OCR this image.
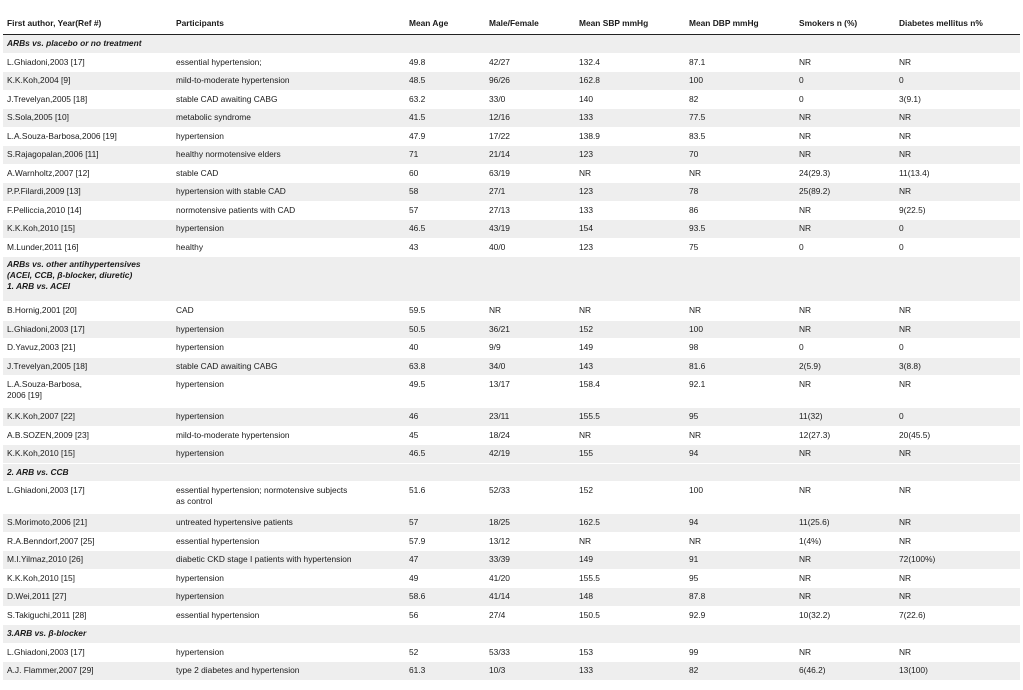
First author, Year(Ref #)	Participants	Mean Age	Male/Female	Mean SBP mmHg	Mean DBP mmHg	Smokers n (%)	Diabetes mellitus n%
ARBs vs. placebo or no treatment							
L.Ghiadoni,2003 [17]	essential hypertension;	49.8	42/27	132.4	87.1	NR	NR
K.K.Koh,2004 [9]	mild-to-moderate hypertension	48.5	96/26	162.8	100	0	0
J.Trevelyan,2005 [18]	stable CAD awaiting CABG	63.2	33/0	140	82	0	3(9.1)
S.Sola,2005 [10]	metabolic syndrome	41.5	12/16	133	77.5	NR	NR
L.A.Souza-Barbosa,2006 [19]	hypertension	47.9	17/22	138.9	83.5	NR	NR
S.Rajagopalan,2006 [11]	healthy normotensive elders	71	21/14	123	70	NR	NR
A.Warnholtz,2007 [12]	stable CAD	60	63/19	NR	NR	24(29.3)	11(13.4)
P.P.Filardi,2009 [13]	hypertension with stable CAD	58	27/1	123	78	25(89.2)	NR
F.Pelliccia,2010 [14]	normotensive patients with CAD	57	27/13	133	86	NR	9(22.5)
K.K.Koh,2010 [15]	hypertension	46.5	43/19	154	93.5	NR	0
M.Lunder,2011 [16]	healthy	43	40/0	123	75	0	0

ARBs vs. other antihypertensives
(ACEI, CCB, β-blocker, diuretic)
1. ARB vs. ACEI							

B.Hornig,2001 [20]	CAD	59.5	NR	NR	NR	NR	NR
L.Ghiadoni,2003 [17]	hypertension	50.5	36/21	152	100	NR	NR
D.Yavuz,2003 [21]	hypertension	40	9/9	149	98	0	0
J.Trevelyan,2005 [18]	stable CAD awaiting CABG	63.8	34/0	143	81.6	2(5.9)	3(8.8)
L.A.Souza-Barbosa,
2006 [19]	hypertension	49.5	13/17	158.4	92.1	NR	NR
K.K.Koh,2007 [22]	hypertension	46	23/11	155.5	95	11(32)	0
A.B.SOZEN,2009 [23]	mild-to-moderate hypertension	45	18/24	NR	NR	12(27.3)	20(45.5)
K.K.Koh,2010 [15]	hypertension	46.5	42/19	155	94	NR	NR
2. ARB vs. CCB							
L.Ghiadoni,2003 [17]	essential hypertension; normotensive subjects
as control	51.6	52/33	152	100	NR	NR
S.Morimoto,2006 [21]	untreated hypertensive patients	57	18/25	162.5	94	11(25.6)	NR
R.A.Benndorf,2007 [25]	essential hypertension	57.9	13/12	NR	NR	1(4%)	NR
M.I.Yilmaz,2010 [26]	diabetic CKD stage I patients with hypertension	47	33/39	149	91	NR	72(100%)
K.K.Koh,2010 [15]	hypertension	49	41/20	155.5	95	NR	NR
D.Wei,2011 [27]	hypertension	58.6	41/14	148	87.8	NR	NR
S.Takiguchi,2011 [28]	essential hypertension	56	27/4	150.5	92.9	10(32.2)	7(22.6)
3.ARB vs. β-blocker							
L.Ghiadoni,2003 [17]	hypertension	52	53/33	153	99	NR	NR
A.J. Flammer,2007 [29]	type 2 diabetes and hypertension	61.3	10/3	133	82	6(46.2)	13(100)
